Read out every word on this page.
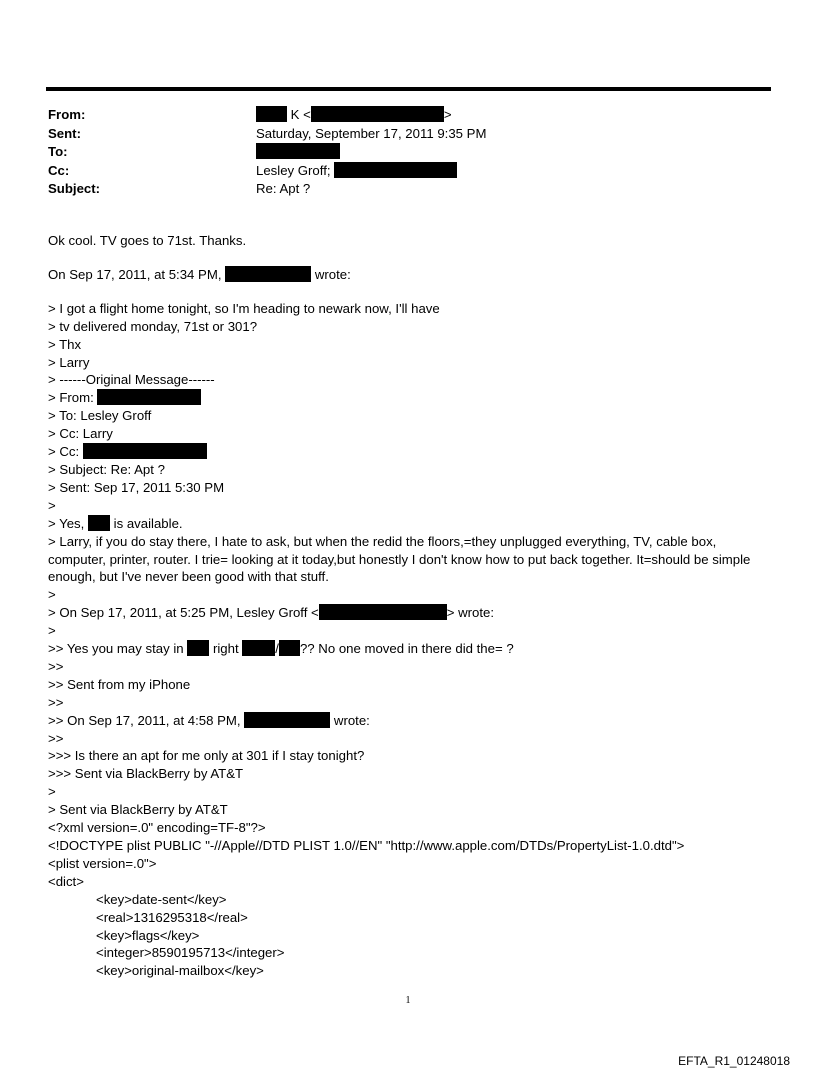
From:	K <	>
Sent:	Saturday, September 17, 2011 9:35 PM
To:
Cc:	Lesley Groff;
Subject:	Re: Apt ?
Ok cool. TV goes to 71st. Thanks.
On Sep 17, 2011, at 5:34 PM,	wrote:
> I got a flight home tonight, so I'm heading to newark now, I'll have
> tv delivered monday, 71st or 301?
> Thx
> Larry
> ------Original Message------
> From:
> To: Lesley Groff
> Cc: Larry
> Cc:
> Subject: Re: Apt ?
> Sent: Sep 17, 2011 5:30 PM
>
> Yes, is available.
> Larry, if you do stay there, I hate to ask, but when the redid the floors,=they unplugged everything, TV, cable box, computer, printer, router. I trie= looking at it today,but honestly I don't know how to put back together. It=should be simple enough, but I've never been good with that stuff.
>
> On Sep 17, 2011, at 5:25 PM, Lesley Groff <	> wrote:
>
>> Yes you may stay in right	/ ?? No one moved in there did the= ?
>>
>> Sent from my iPhone
>>
>> On Sep 17, 2011, at 4:58 PM,	wrote:
>>
>>> Is there an apt for me only at 301 if I stay tonight?
>>> Sent via BlackBerry by AT&T
>
> Sent via BlackBerry by AT&T
<?xml version=.0" encoding=TF-8"?>
<!DOCTYPE plist PUBLIC "-//Apple//DTD PLIST 1.0//EN" "http://www.apple.com/DTDs/PropertyList-1.0.dtd">
<plist version=.0">
<dict>
<key>date-sent</key>
<real>1316295318</real>
<key>flags</key>
<integer>8590195713</integer>
<key>original-mailbox</key>
1
EFTA_R1_01248018
